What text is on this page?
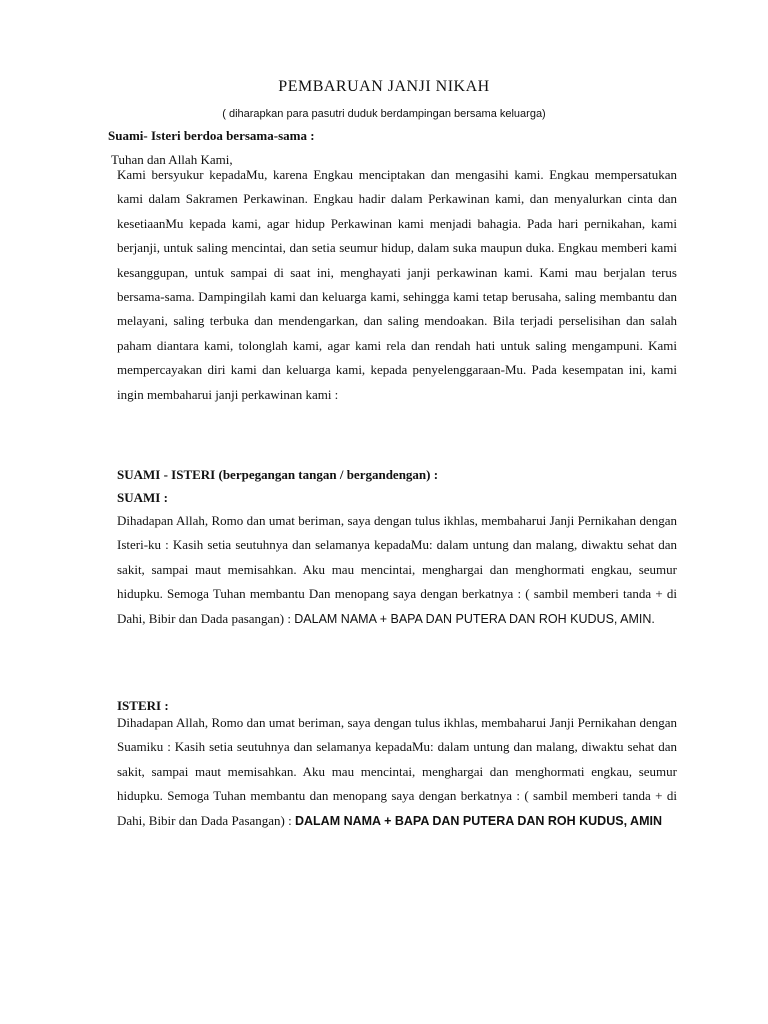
PEMBARUAN JANJI NIKAH
( diharapkan para pasutri duduk berdampingan bersama keluarga)
Suami- Isteri berdoa bersama-sama :
Tuhan dan Allah Kami,

Kami bersyukur kepadaMu, karena Engkau menciptakan dan mengasihi kami. Engkau mempersatukan kami dalam Sakramen Perkawinan. Engkau hadir dalam Perkawinan kami, dan menyalurkan cinta dan kesetiaanMu kepada kami, agar hidup Perkawinan kami menjadi bahagia. Pada hari pernikahan, kami berjanji, untuk saling mencintai, dan setia seumur hidup, dalam suka maupun duka. Engkau memberi kami kesanggupan, untuk sampai di saat ini, menghayati janji perkawinan kami. Kami mau berjalan terus bersama-sama. Dampingilah kami dan keluarga kami, sehingga kami tetap berusaha, saling membantu dan melayani, saling terbuka dan mendengarkan, dan saling mendoakan. Bila terjadi perselisihan dan salah paham diantara kami, tolonglah kami, agar kami rela dan rendah hati untuk saling mengampuni. Kami mempercayakan diri kami dan keluarga kami, kepada penyelenggaraan-Mu. Pada kesempatan ini, kami ingin membaharui janji perkawinan kami :

SUAMI - ISTERI (berpegangan tangan / bergandengan) :
SUAMI :

Dihadapan Allah, Romo dan umat beriman, saya dengan tulus ikhlas, membaharui Janji Pernikahan dengan Isteri-ku : Kasih setia seutuhnya dan selamanya kepadaMu: dalam untung dan malang, diwaktu sehat dan sakit, sampai maut memisahkan. Aku mau mencintai, menghargai dan menghormati engkau, seumur hidupku. Semoga Tuhan membantu Dan menopang saya dengan berkatnya : ( sambil memberi tanda + di Dahi, Bibir dan Dada pasangan) : DALAM NAMA + BAPA DAN PUTERA DAN ROH KUDUS, AMIN.

ISTERI :

Dihadapan Allah, Romo dan umat beriman, saya dengan tulus ikhlas, membaharui Janji Pernikahan dengan Suamiku : Kasih setia seutuhnya dan selamanya kepadaMu: dalam untung dan malang, diwaktu sehat dan sakit, sampai maut memisahkan. Aku mau mencintai, menghargai dan menghormati engkau, seumur hidupku. Semoga Tuhan membantu dan menopang saya dengan berkatnya : ( sambil memberi tanda + di Dahi, Bibir dan Dada Pasangan) : DALAM NAMA + BAPA DAN PUTERA DAN ROH KUDUS, AMIN
